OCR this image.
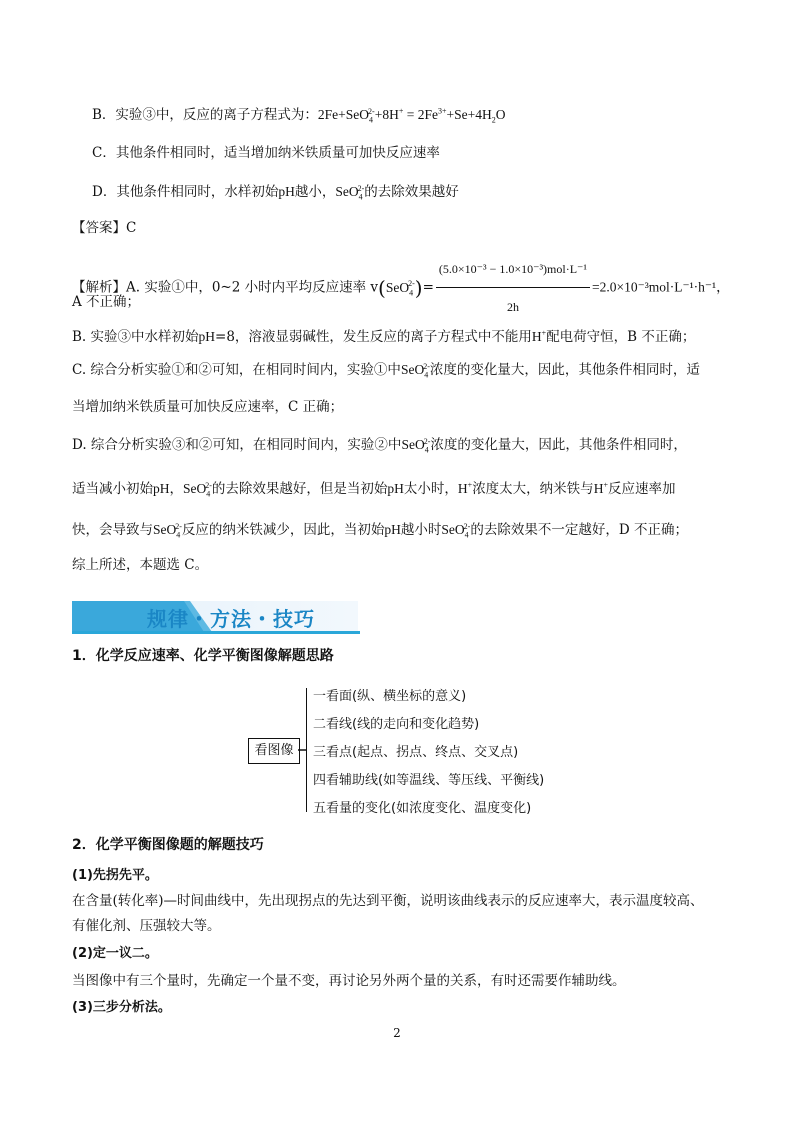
B．实验③中，反应的离子方程式为：$2Fe+SeO_4^{2-}+8H^+ = 2Fe^{3+}+Se+4H_2O$
C．其他条件相同时，适当增加纳米铁质量可加快反应速率
D．其他条件相同时，水样初始pH越小，SeO$_4^{2-}$的去除效果越好
【答案】C
【解析】A. 实验①中，0~2 小时内平均反应速率 $v(SeO_4^{2-})= \frac{\text{(5.0×10⁻³ − 1.0×10⁻³)mol·L⁻¹}}{2h} =2.0\times 10^{-3}mol\cdot L^{-1}\cdot h^{-1}$，
A 不正确；
B. 实验③中水样初始pH=8，溶液显弱碱性，发生反应的离子方程式中不能用H+配电荷守恒，B 不正确；
C. 综合分析实验①和②可知，在相同时间内，实验①中SeO$_4^{2-}$浓度的变化量大，因此，其他条件相同时，适
当增加纳米铁质量可加快反应速率，C 正确；
D. 综合分析实验③和②可知，在相同时间内，实验②中SeO$_4^{2-}$浓度的变化量大，因此，其他条件相同时，
适当减小初始pH，SeO$_4^{2-}$的去除效果越好，但是当初始pH太小时，H+浓度太大，纳米铁与H+反应速率加
快，会导致与SeO$_4^{2-}$反应的纳米铁减少，因此，当初始pH越小时SeO$_4^{2-}$的去除效果不一定越好，D 不正确；
综上所述，本题选 C。
规律・方法・技巧
1．化学反应速率、化学平衡图像解题思路
看图像
一看面(纵、横坐标的意义)
二看线(线的走向和变化趋势)
三看点(起点、拐点、终点、交叉点)
四看辅助线(如等温线、等压线、平衡线)
五看量的变化(如浓度变化、温度变化)
2．化学平衡图像题的解题技巧
(1)先拐先平。
在含量(转化率)—时间曲线中，先出现拐点的先达到平衡，说明该曲线表示的反应速率大，表示温度较高、
有催化剂、压强较大等。
(2)定一议二。
当图像中有三个量时，先确定一个量不变，再讨论另外两个量的关系，有时还需要作辅助线。
(3)三步分析法。
2
